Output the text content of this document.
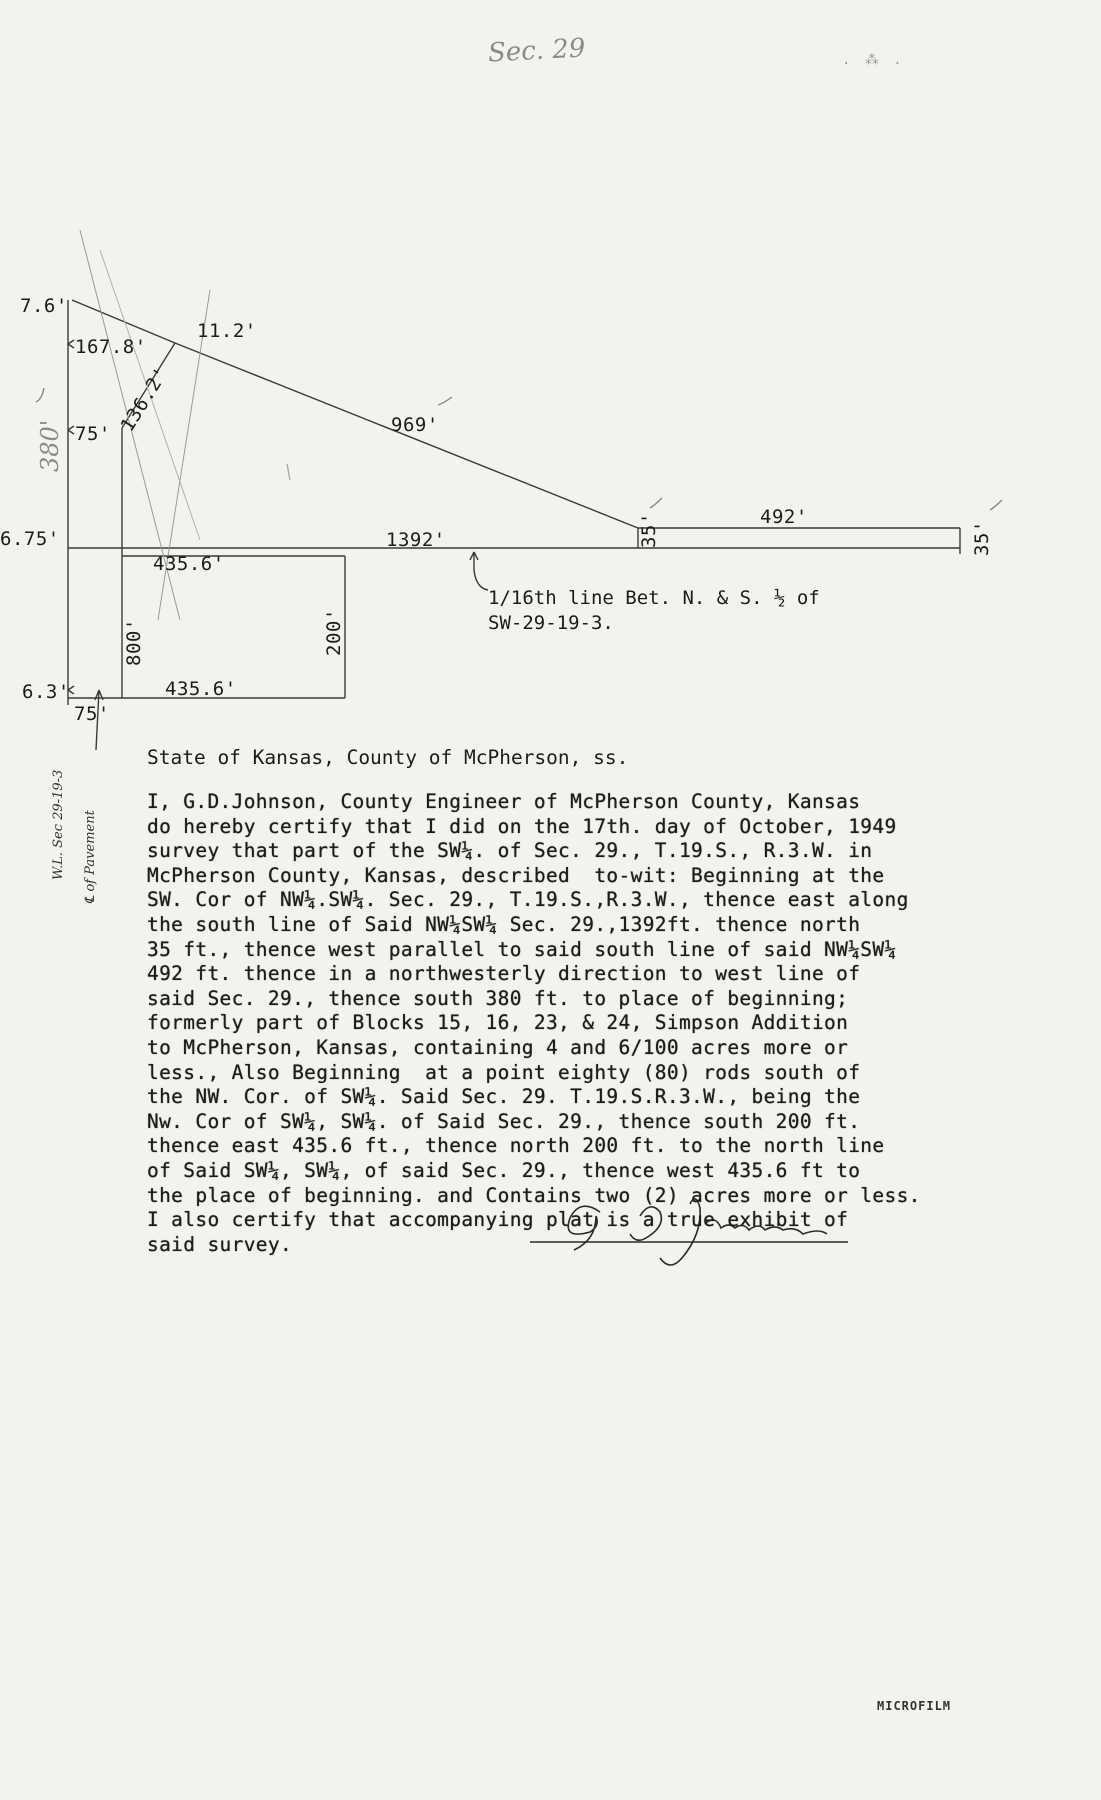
Sec. 29	. ⁂ .
7.6'
167.8'
11.2'
136.2'
380' 75'	969'
492'
35'	35'
6.75'	1392'
435.6'
800'	200'
6.3'	435.6'
75'
1/16th line Bet. N. & S. ½ of
SW-29-19-3.
W.L. Sec 29-19-3 ℄ of Pavement
State of Kansas, County of McPherson, ss.
I, G.D.Johnson, County Engineer of McPherson County, Kansas
do hereby certify that I did on the 17th. day of October, 1949
survey that part of the SW¼. of Sec. 29., T.19.S., R.3.W. in
McPherson County, Kansas, described  to-wit: Beginning at the
SW. Cor of NW¼.SW¼. Sec. 29., T.19.S.,R.3.W., thence east along
the south line of Said NW¼SW¼ Sec. 29.,1392ft. thence north
35 ft., thence west parallel to said south line of said NW¼SW¼
492 ft. thence in a northwesterly direction to west line of
said Sec. 29., thence south 380 ft. to place of beginning;
formerly part of Blocks 15, 16, 23, & 24, Simpson Addition
to McPherson, Kansas, containing 4 and 6/100 acres more or
less., Also Beginning  at a point eighty (80) rods south of
the NW. Cor. of SW¼. Said Sec. 29. T.19.S.R.3.W., being the
Nw. Cor of SW¼, SW¼. of Said Sec. 29., thence south 200 ft.
thence east 435.6 ft., thence north 200 ft. to the north line
of Said SW¼, SW¼, of said Sec. 29., thence west 435.6 ft to
the place of beginning. and Contains two (2) acres more or less.
I also certify that accompanying plat is a true exhibit of
said survey.
MICROFILM
